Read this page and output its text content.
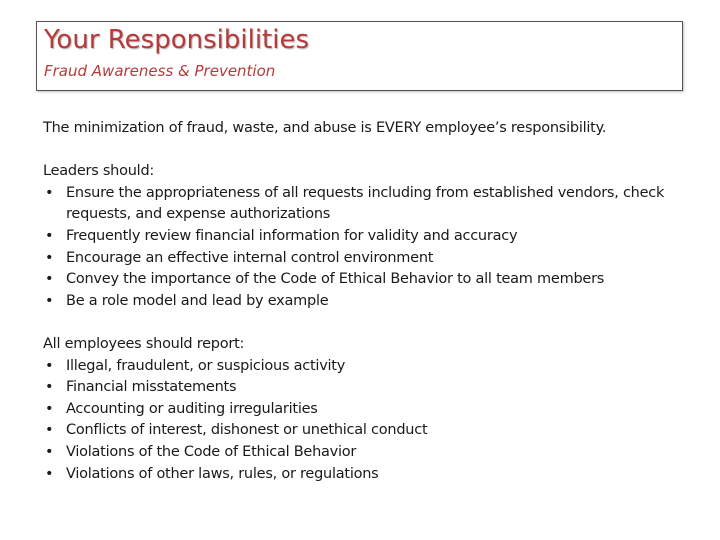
Your Responsibilities

Fraud Awareness & Prevention

The minimization of fraud, waste, and abuse is EVERY employee’s responsibility.

Leaders should:

• Ensure the appropriateness of all requests including from established vendors, check requests, and expense authorizations
• Frequently review financial information for validity and accuracy
• Encourage an effective internal control environment
• Convey the importance of the Code of Ethical Behavior to all team members
• Be a role model and lead by example

All employees should report:

• Illegal, fraudulent, or suspicious activity
• Financial misstatements
• Accounting or auditing irregularities
• Conflicts of interest, dishonest or unethical conduct
• Violations of the Code of Ethical Behavior
• Violations of other laws, rules, or regulations
